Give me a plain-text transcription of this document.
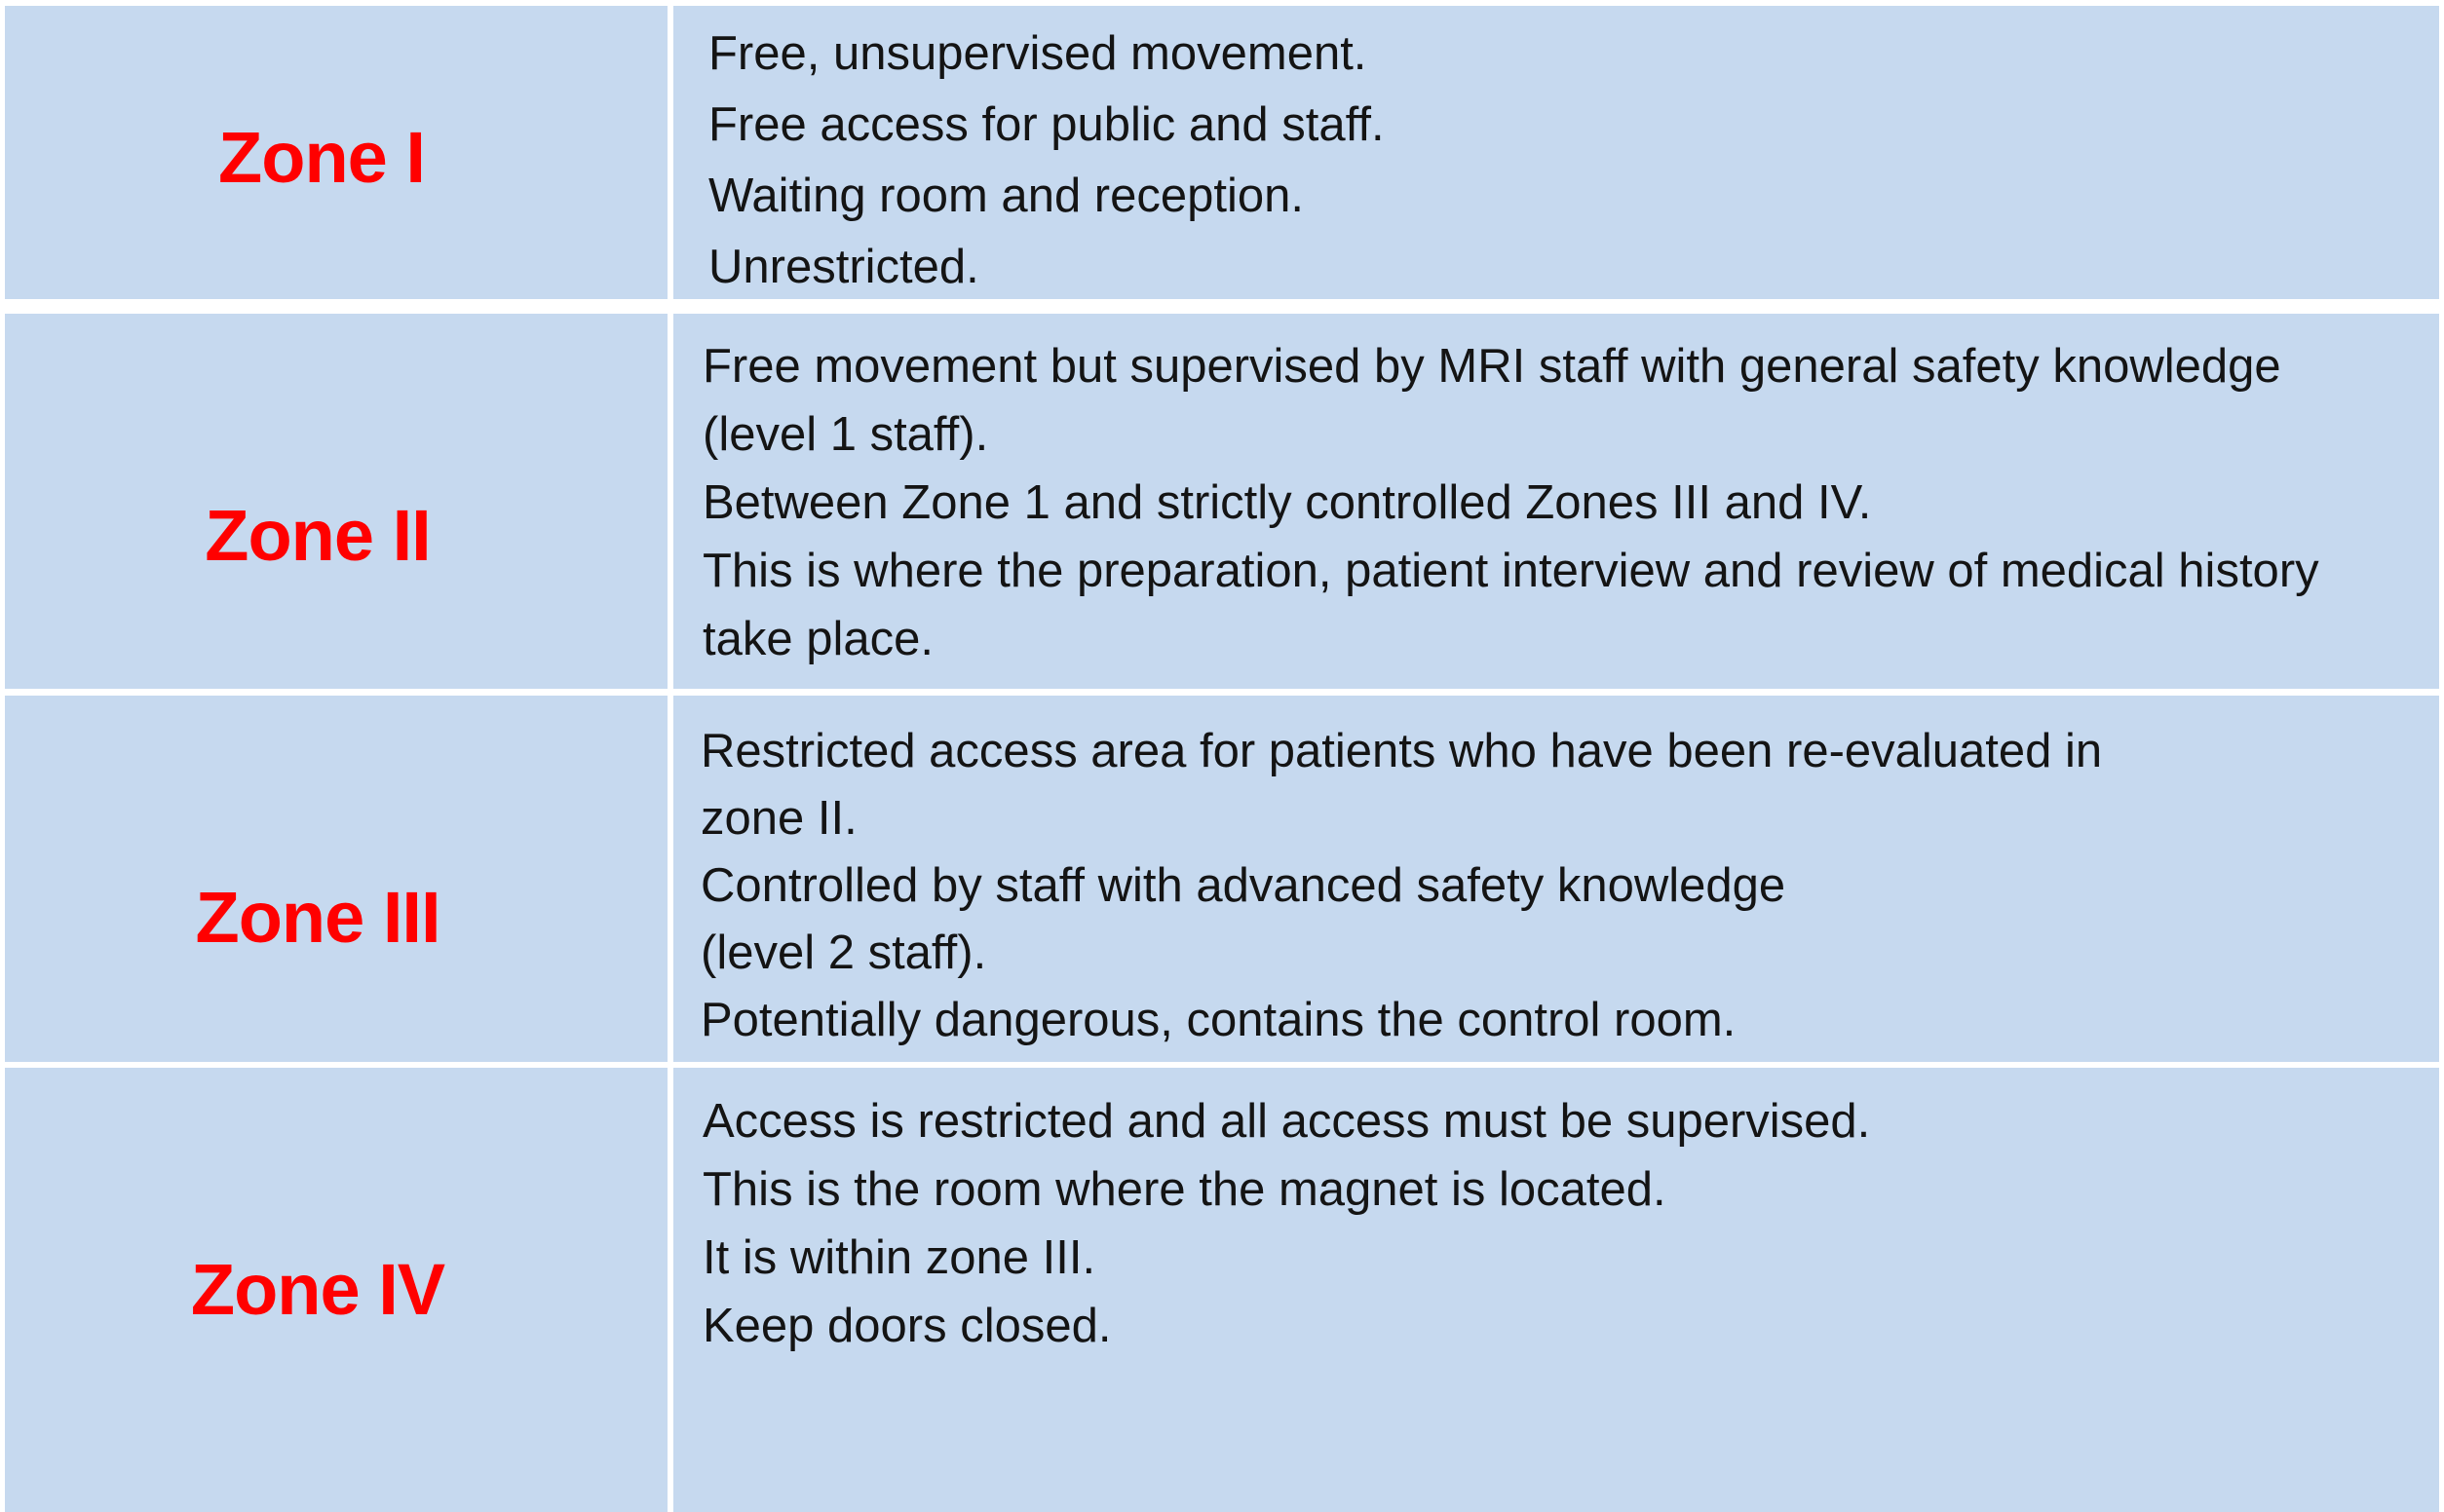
Zone I
Free, unsupervised movement.
Free access for public and staff.
Waiting room and reception.
Unrestricted.
Zone II
Free movement but supervised by MRI staff with general safety knowledge
(level 1 staff).
Between Zone 1 and strictly controlled Zones III and IV.
This is where the preparation, patient interview and review of medical history
take place.
Zone III
Restricted access area for patients who have been re-evaluated in
zone II.
Controlled by staff with advanced safety knowledge
(level 2 staff).
Potentially dangerous, contains the control room.
Zone IV
Access is restricted and all access must be supervised.
This is the room where the magnet is located.
It is within zone III.
Keep doors closed.
